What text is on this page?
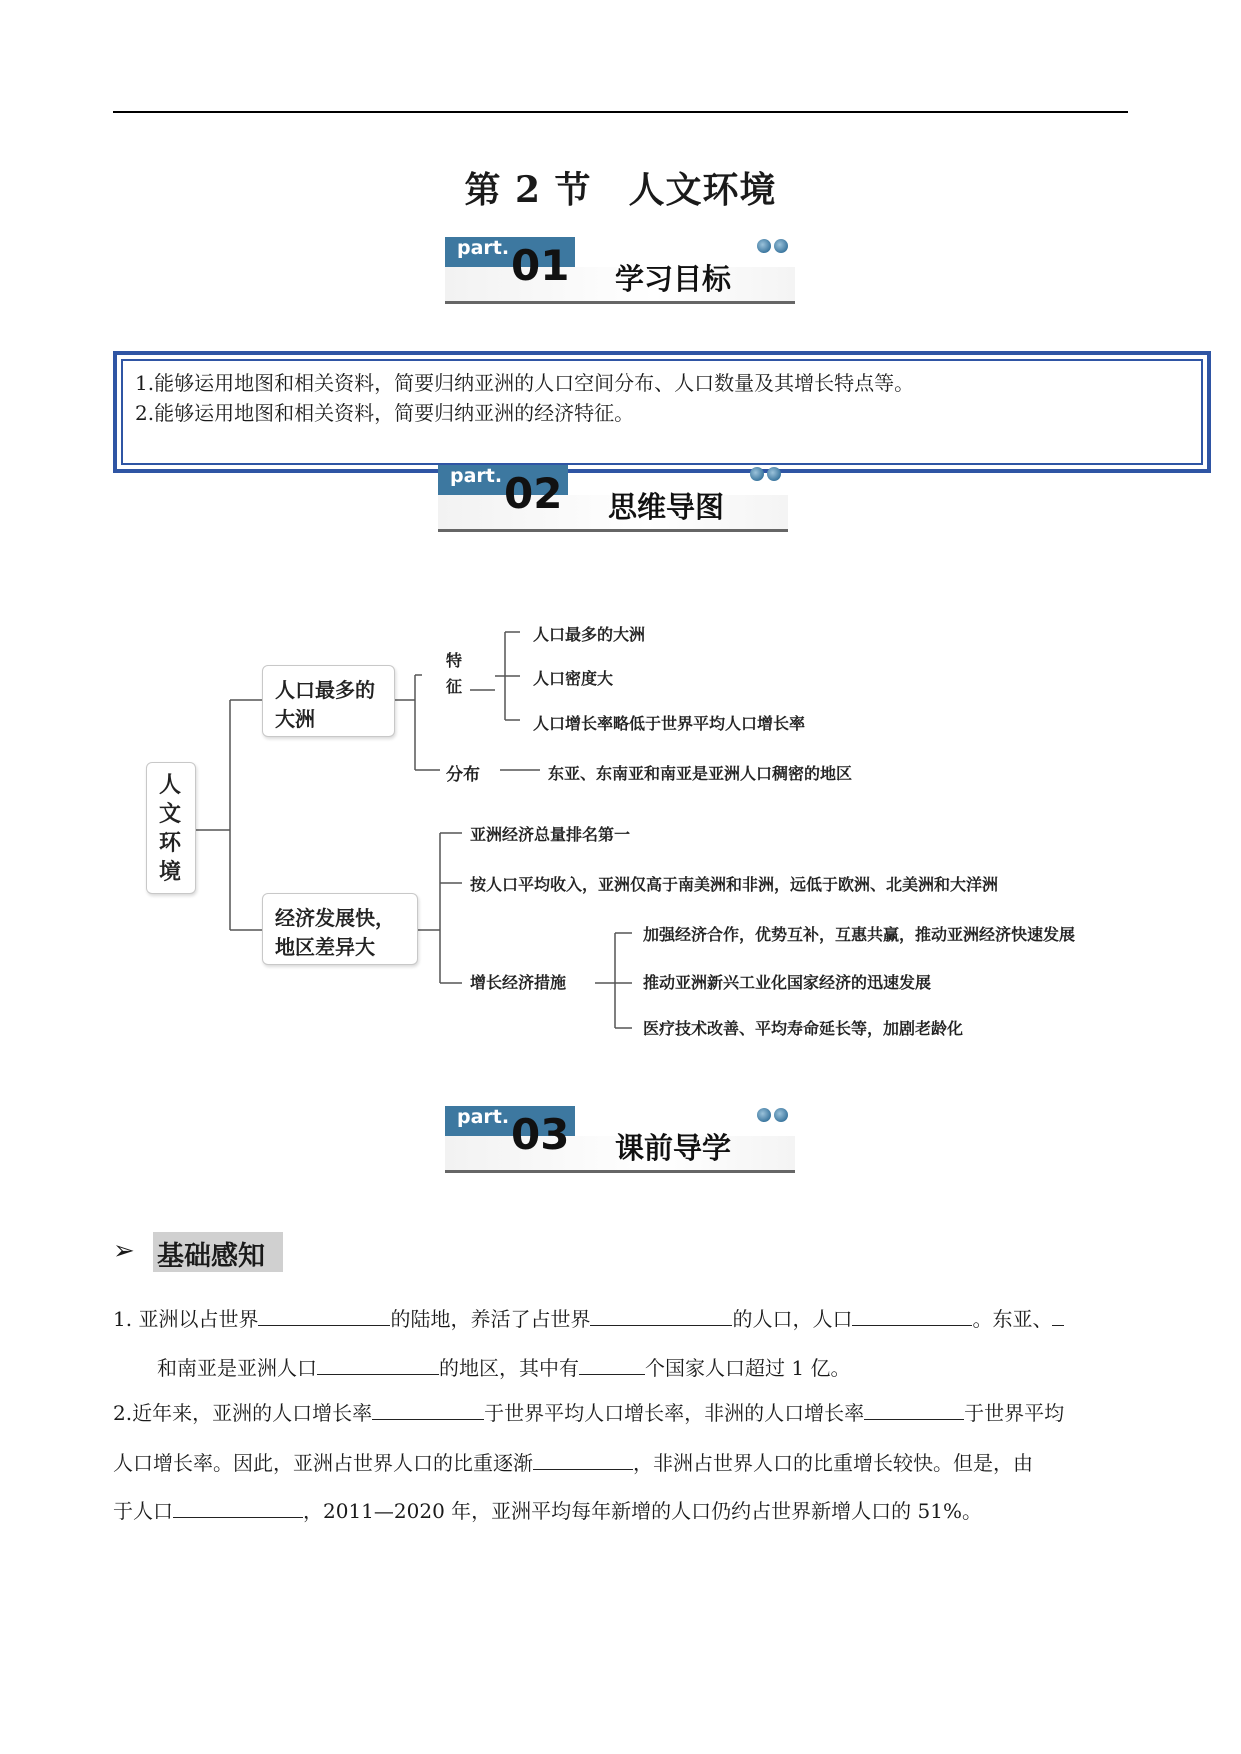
第 2 节　人文环境
part. 01 学习目标
1.能够运用地图和相关资料，简要归纳亚洲的人口空间分布、人口数量及其增长特点等。
2.能够运用地图和相关资料，简要归纳亚洲的经济特征。
part. 02 思维导图
人
文
环
境
人口最多的
大洲
特
征
人口最多的大洲
人口密度大
人口增长率略低于世界平均人口增长率
分布	东亚、东南亚和南亚是亚洲人口稠密的地区
经济发展快，
地区差异大
亚洲经济总量排名第一
按人口平均收入，亚洲仅高于南美洲和非洲，远低于欧洲、北美洲和大洋洲
增长经济措施
加强经济合作，优势互补，互惠共赢，推动亚洲经济快速发展
推动亚洲新兴工业化国家经济的迅速发展
医疗技术改善、平均寿命延长等，加剧老龄化
part. 03 课前导学
➢ 基础感知
1. 亚洲以占世界	的陆地，养活了占世界	的人口，人口	。东亚、
和南亚是亚洲人口	的地区，其中有	个国家人口超过 1 亿。
2.近年来，亚洲的人口增长率	于世界平均人口增长率，非洲的人口增长率	于世界平均
人口增长率。因此，亚洲占世界人口的比重逐渐	，非洲占世界人口的比重增长较快。但是，由
于人口	，2011—2020 年，亚洲平均每年新增的人口仍约占世界新增人口的 51%。
